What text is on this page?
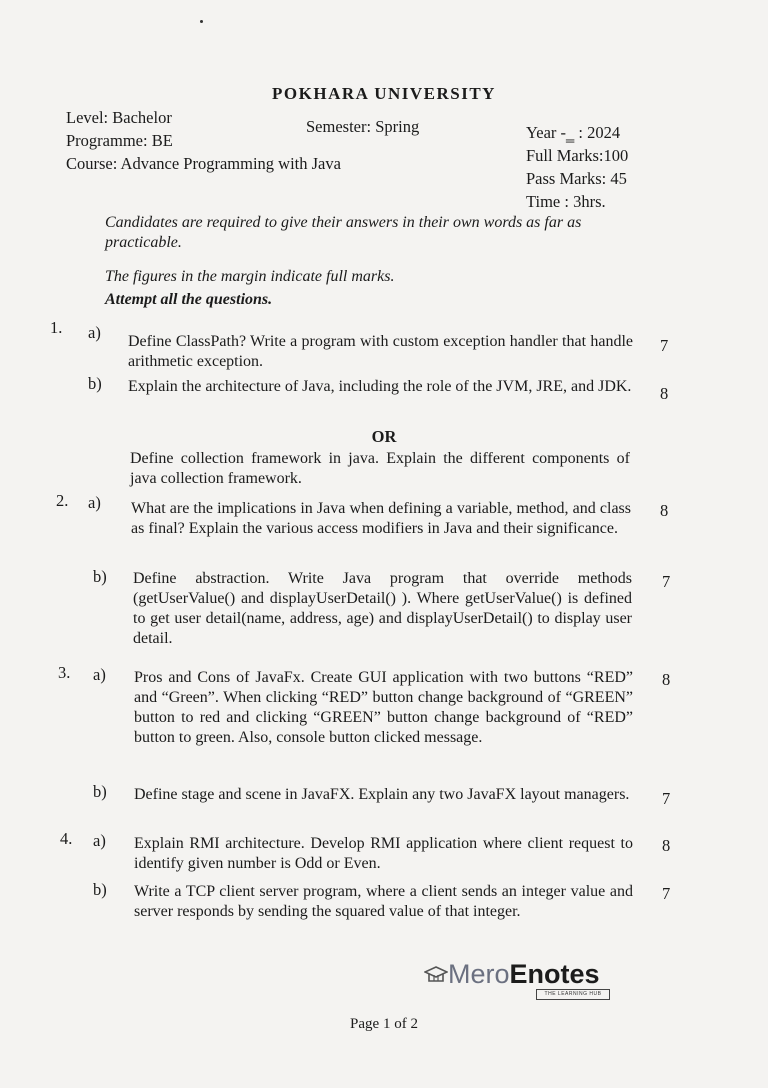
POKHARA UNIVERSITY
Level: Bachelor
Programme: BE
Course: Advance Programming with Java
Semester: Spring	Year ‐‗ : 2024
Full Marks:100
Pass Marks: 45
Time : 3hrs.
Candidates are required to give their answers in their own words as far as practicable.
The figures in the margin indicate full marks.
Attempt all the questions.
1. a) Define ClassPath? Write a program with custom exception handler that handle arithmetic exception.
7
b) Explain the architecture of Java, including the role of the JVM, JRE, and JDK. 8
OR
Define collection framework in java. Explain the different components of java collection framework.
2. a) What are the implications in Java when defining a variable, method, and class as final? Explain the various access modifiers in Java and their significance.
8
b) Define abstraction. Write Java program that override methods (getUserValue() and displayUserDetail() ). Where getUserValue() is defined to get user detail(name, address, age) and displayUserDetail() to display user detail.
7
3. a) Pros and Cons of JavaFx. Create GUI application with two buttons “RED” and “Green”. When clicking “RED” button change background of “GREEN” button to red and clicking “GREEN” button change background of “RED” button to green. Also, console button clicked message.
8
b) Define stage and scene in JavaFX. Explain any two JavaFX layout managers. 7
4. a) Explain RMI architecture. Develop RMI application where client request to identify given number is Odd or Even.
8
b) Write a TCP client server program, where a client sends an integer value and server responds by sending the squared value of that integer.
7
MeroEnotes
THE LEARNING HUB
Page 1 of 2
